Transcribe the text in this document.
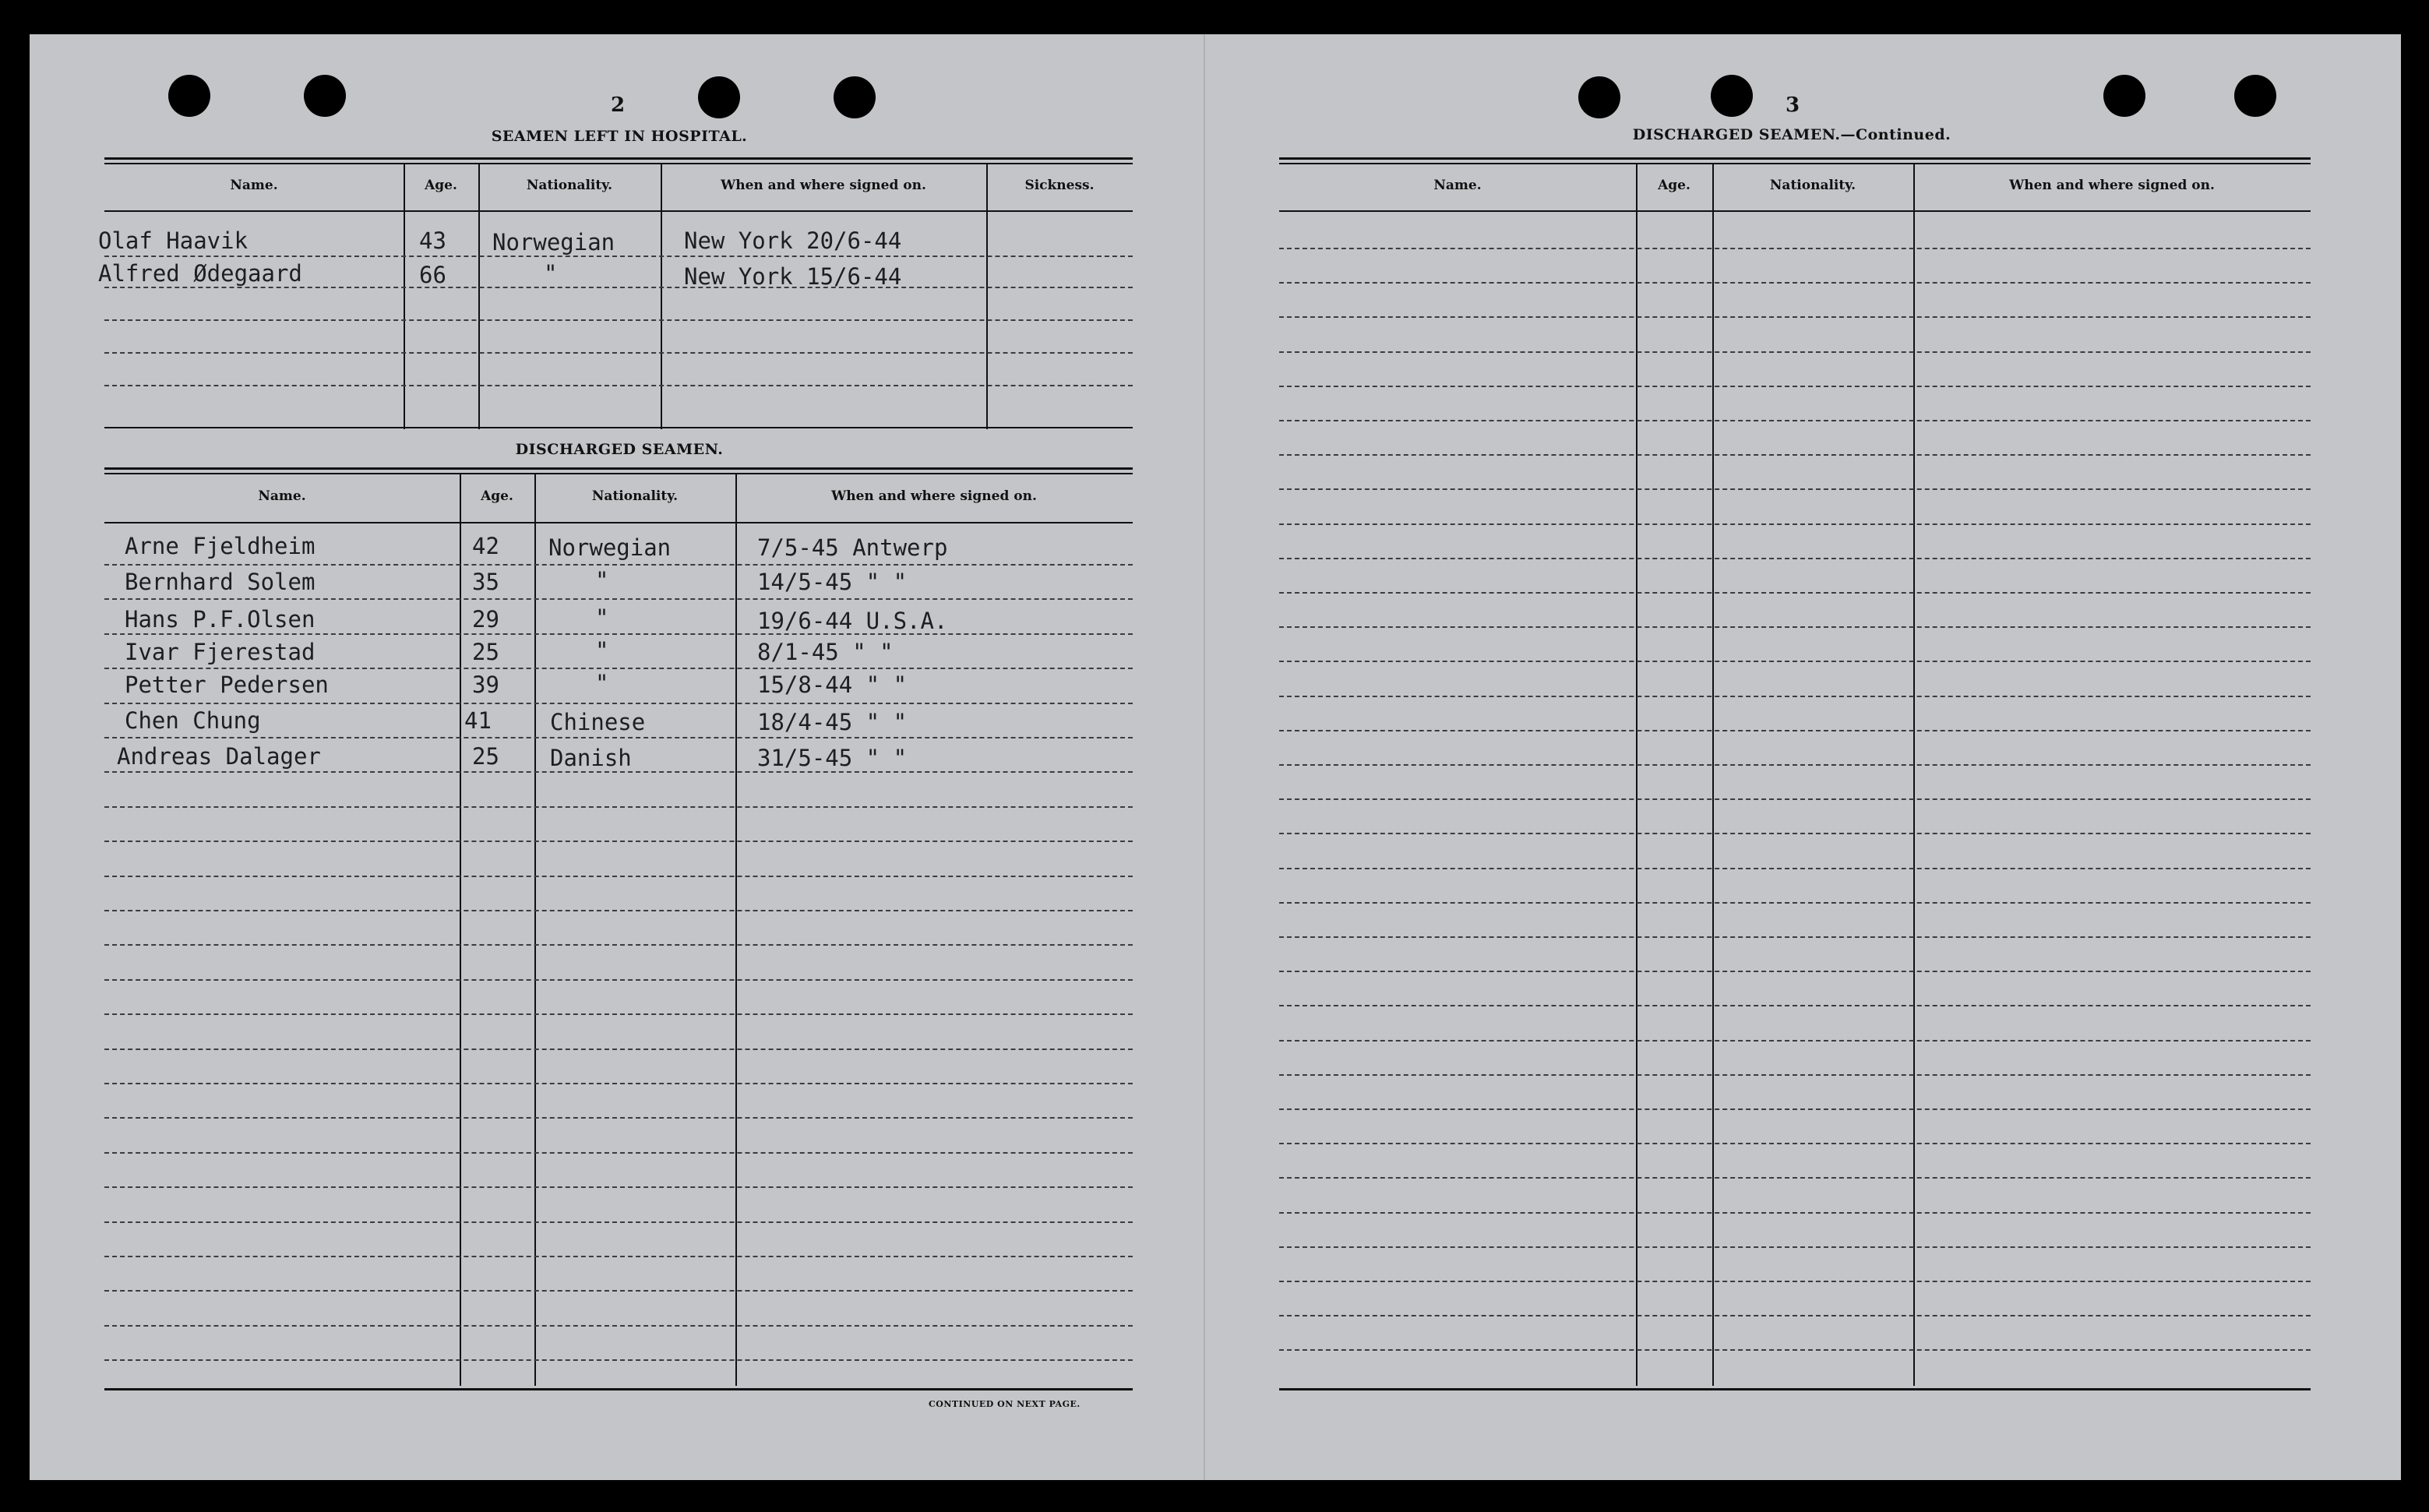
2
SEAMEN LEFT IN HOSPITAL.
Name.	Age.	Nationality.	When and where signed on.	Sickness.
Olaf Haavik	43 Norwegian	New York 20/6-44
Alfred Ødegaard	66	"	New York 15/6-44
DISCHARGED SEAMEN.
Name.	Age.	Nationality.	When and where signed on.
Arne Fjeldheim	42 Norwegian	7/5-45 Antwerp
Bernhard Solem	35	"	14/5-45 " "
Hans P.F.Olsen	29	"	19/6-44 U.S.A.
Ivar Fjerestad	25	"	8/1-45 " "
Petter Pedersen	39	"	15/8-44 " "
Chen Chung	41	Chinese	18/4-45 " "
Andreas Dalager	25 Danish	31/5-45 " "
CONTINUED ON NEXT PAGE.
3
DISCHARGED SEAMEN.—Continued.
Name.	Age.	Nationality.	When and where signed on.
